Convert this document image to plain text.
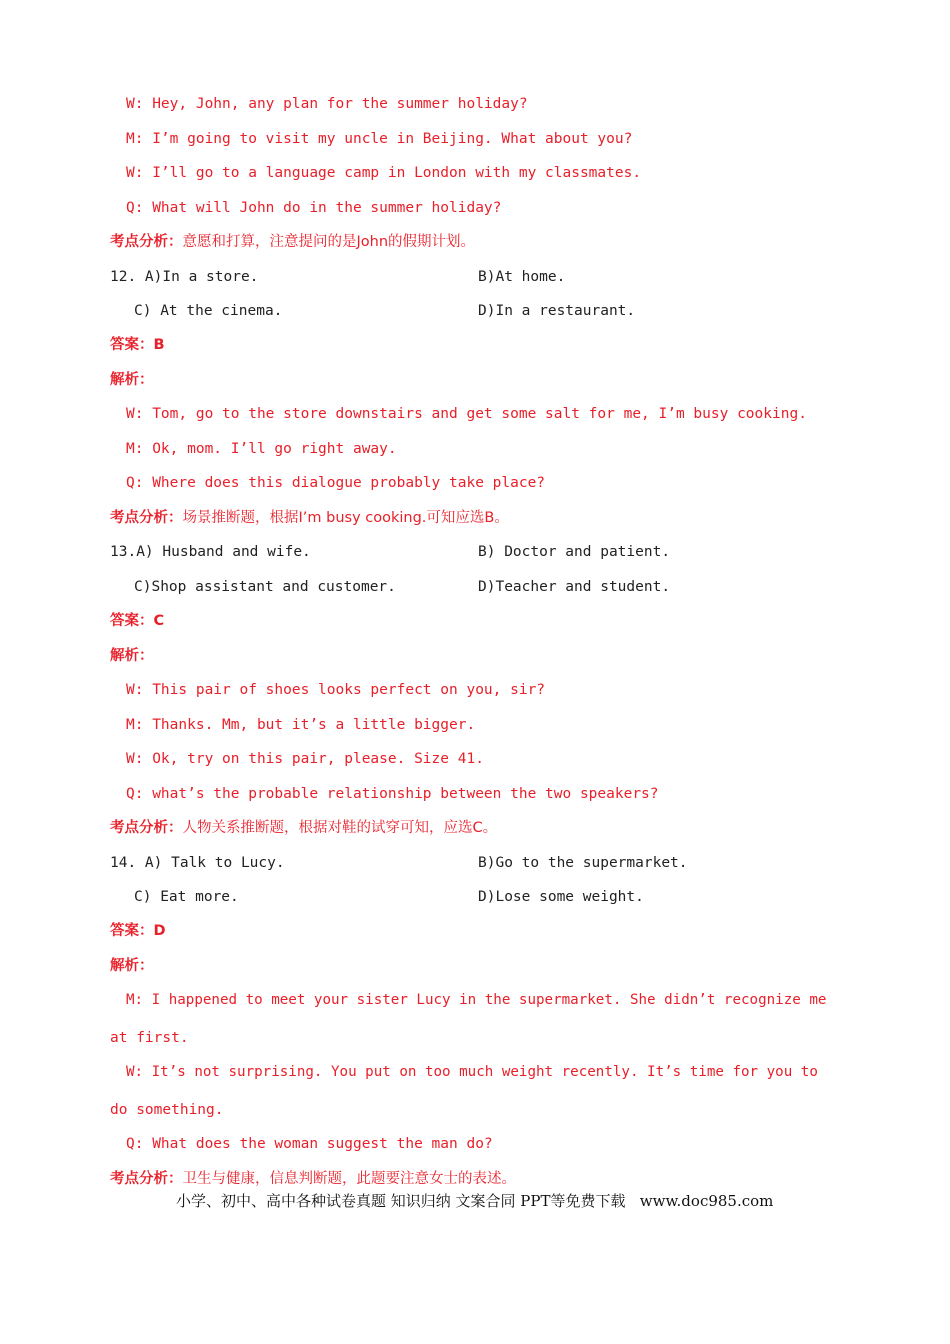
W: Hey, John, any plan for the summer holiday?
M: I’m going to visit my uncle in Beijing. What about you?
W: I’ll go to a language camp in London with my classmates.
Q: What will John do in the summer holiday?
考点分析：意愿和打算，注意提问的是John的假期计划。
12. A)In a store.	B)At home.
C) At the cinema.	D)In a restaurant.
答案：B
解析：
W: Tom, go to the store downstairs and get some salt for me, I’m busy cooking.
M: Ok, mom. I’ll go right away.
Q: Where does this dialogue probably take place?
考点分析：场景推断题，根据I’m busy cooking.可知应选B。
13.A) Husband and wife.	B) Doctor and patient.
C)Shop assistant and customer.	D)Teacher and student.
答案：C
解析：
W: This pair of shoes looks perfect on you, sir?
M: Thanks. Mm, but it’s a little bigger.
W: Ok, try on this pair, please. Size 41.
Q: what’s the probable relationship between the two speakers?
考点分析：人物关系推断题，根据对鞋的试穿可知，应选C。
14. A) Talk to Lucy.	B)Go to the supermarket.
C) Eat more.	D)Lose some weight.
答案：D
解析：
M: I happened to meet your sister Lucy in the supermarket. She didn’t recognize me
at first.
W: It’s not surprising. You put on too much weight recently. It’s time for you to
do something.
Q: What does the woman suggest the man do?
考点分析：卫生与健康，信息判断题，此题要注意女士的表述。
小学、初中、高中各种试卷真题 知识归纳 文案合同 PPT等免费下载   www.doc985.com
